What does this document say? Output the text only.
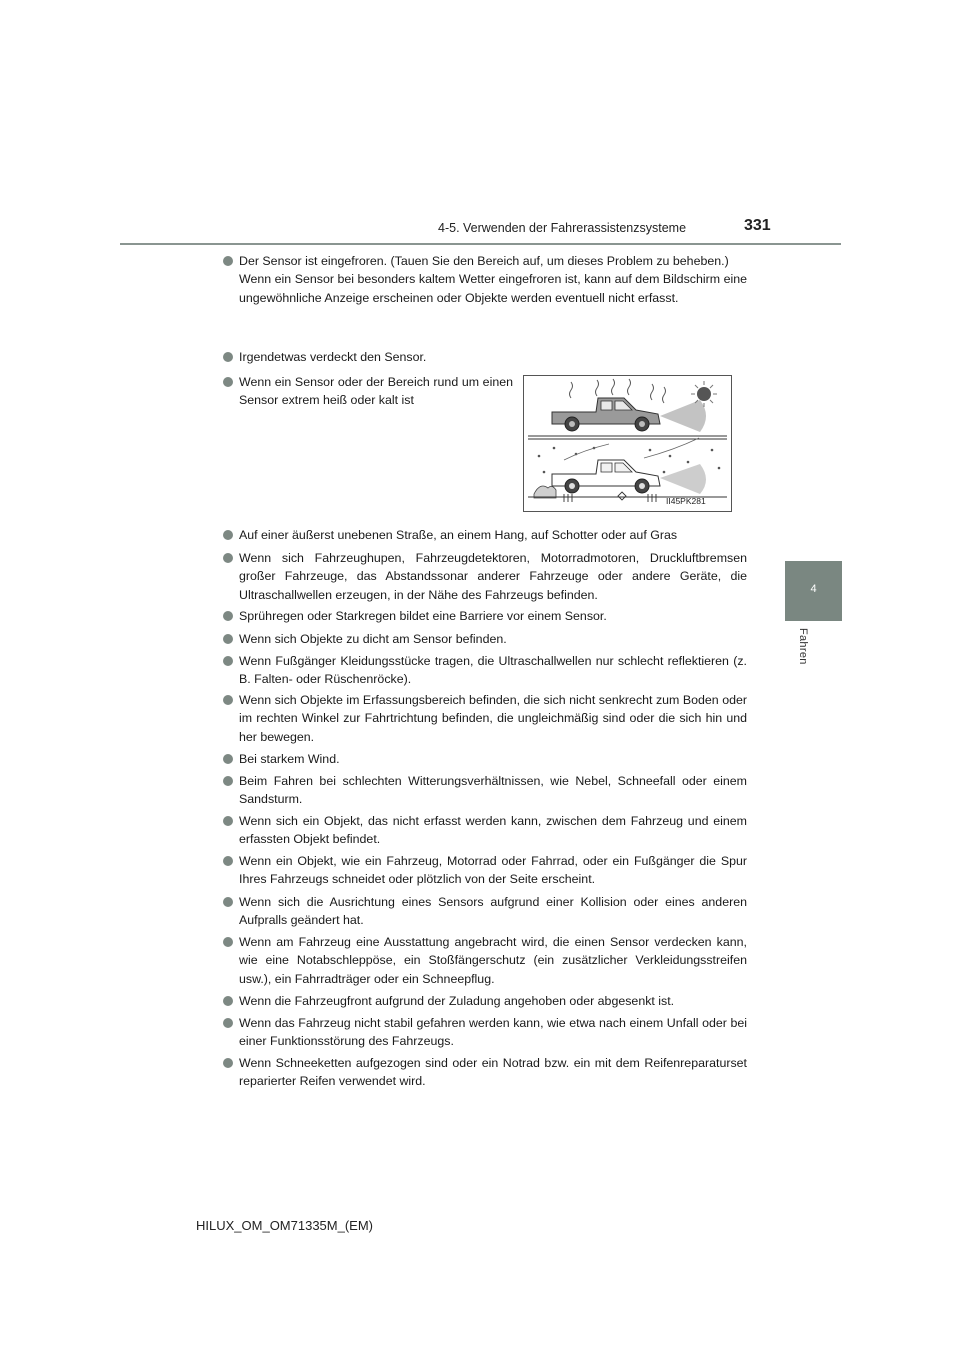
4-5. Verwenden der Fahrerassistenzsysteme	331
4
Fahren
Der Sensor ist eingefroren. (Tauen Sie den Bereich auf, um dieses Problem zu beheben.)
Wenn ein Sensor bei besonders kaltem Wetter eingefroren ist, kann auf dem Bildschirm eine ungewöhnliche Anzeige erscheinen oder Objekte werden eventuell nicht erfasst.
Irgendetwas verdeckt den Sensor.
Wenn ein Sensor oder der Bereich rund um einen Sensor extrem heiß oder kalt ist
II45PK281
Auf einer äußerst unebenen Straße, an einem Hang, auf Schotter oder auf Gras
Wenn sich Fahrzeughupen, Fahrzeugdetektoren, Motorradmotoren, Druckluftbremsen großer Fahrzeuge, das Abstandssonar anderer Fahrzeuge oder andere Geräte, die Ultraschallwellen erzeugen, in der Nähe des Fahrzeugs befinden.
Sprühregen oder Starkregen bildet eine Barriere vor einem Sensor.
Wenn sich Objekte zu dicht am Sensor befinden.
Wenn Fußgänger Kleidungsstücke tragen, die Ultraschallwellen nur schlecht reflektieren (z. B. Falten- oder Rüschenröcke).
Wenn sich Objekte im Erfassungsbereich befinden, die sich nicht senkrecht zum Boden oder im rechten Winkel zur Fahrtrichtung befinden, die ungleichmäßig sind oder die sich hin und her bewegen.
Bei starkem Wind.
Beim Fahren bei schlechten Witterungsverhältnissen, wie Nebel, Schneefall oder einem Sandsturm.
Wenn sich ein Objekt, das nicht erfasst werden kann, zwischen dem Fahrzeug und einem erfassten Objekt befindet.
Wenn ein Objekt, wie ein Fahrzeug, Motorrad oder Fahrrad, oder ein Fußgänger die Spur Ihres Fahrzeugs schneidet oder plötzlich von der Seite erscheint.
Wenn sich die Ausrichtung eines Sensors aufgrund einer Kollision oder eines anderen Aufpralls geändert hat.
Wenn am Fahrzeug eine Ausstattung angebracht wird, die einen Sensor verdecken kann, wie eine Notabschleppöse, ein Stoßfängerschutz (ein zusätzlicher Verkleidungsstreifen usw.), ein Fahrradträger oder ein Schneepflug.
Wenn die Fahrzeugfront aufgrund der Zuladung angehoben oder abgesenkt ist.
Wenn das Fahrzeug nicht stabil gefahren werden kann, wie etwa nach einem Unfall oder bei einer Funktionsstörung des Fahrzeugs.
Wenn Schneeketten aufgezogen sind oder ein Notrad bzw. ein mit dem Reifenreparaturset reparierter Reifen verwendet wird.
HILUX_OM_OM71335M_(EM)
